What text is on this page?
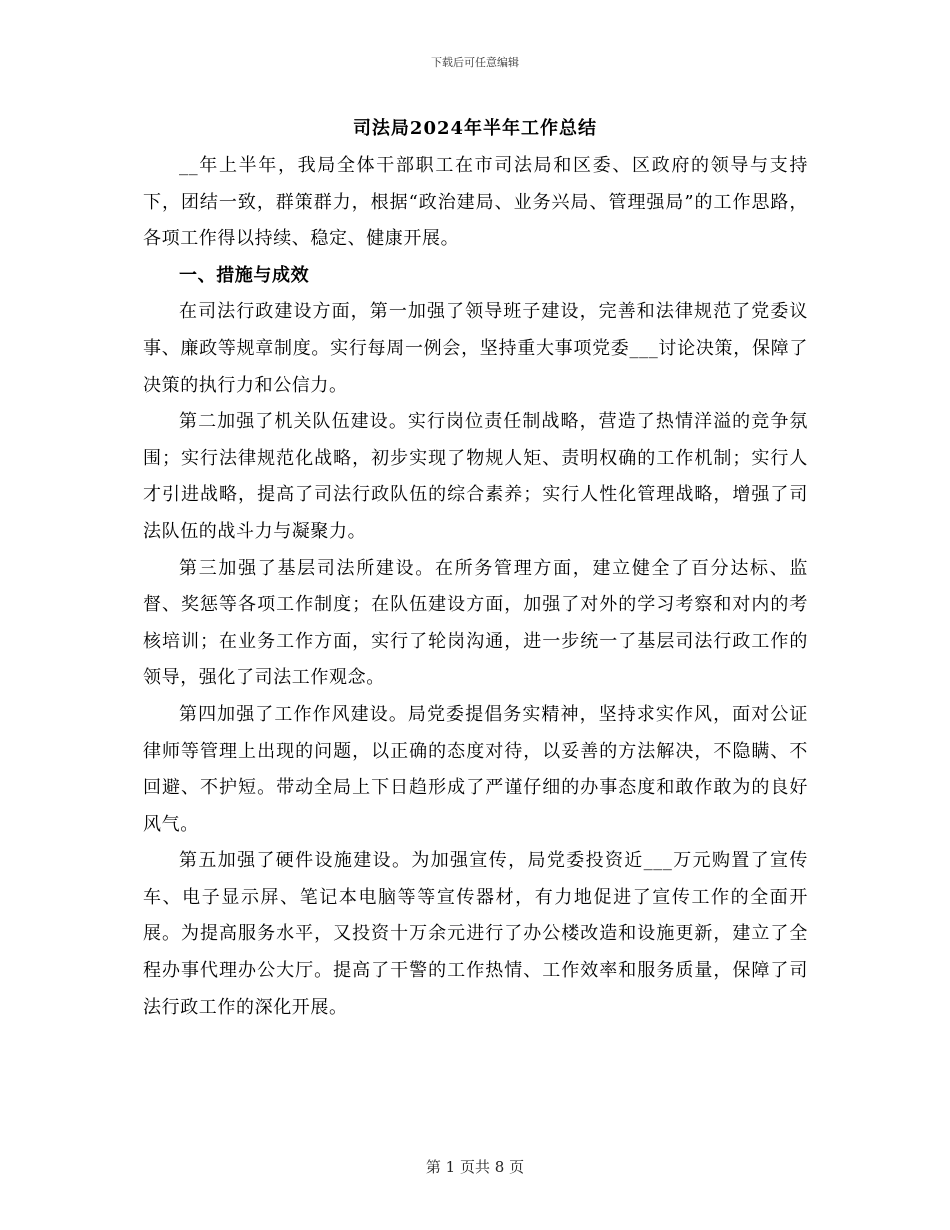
下载后可任意编辑
司法局2024年半年工作总结

__年上半年，我局全体干部职工在市司法局和区委、区政府的领导与支持下，团结一致，群策群力，根据“政治建局、业务兴局、管理强局”的工作思路，各项工作得以持续、稳定、健康开展。

一、措施与成效

在司法行政建设方面，第一加强了领导班子建设，完善和法律规范了党委议事、廉政等规章制度。实行每周一例会，坚持重大事项党委___讨论决策，保障了决策的执行力和公信力。

第二加强了机关队伍建设。实行岗位责任制战略，营造了热情洋溢的竞争氛围；实行法律规范化战略，初步实现了物规人矩、责明权确的工作机制；实行人才引进战略，提高了司法行政队伍的综合素养；实行人性化管理战略，增强了司法队伍的战斗力与凝聚力。

第三加强了基层司法所建设。在所务管理方面，建立健全了百分达标、监督、奖惩等各项工作制度；在队伍建设方面，加强了对外的学习考察和对内的考核培训；在业务工作方面，实行了轮岗沟通，进一步统一了基层司法行政工作的领导，强化了司法工作观念。

第四加强了工作作风建设。局党委提倡务实精神，坚持求实作风，面对公证律师等管理上出现的问题，以正确的态度对待，以妥善的方法解决，不隐瞒、不回避、不护短。带动全局上下日趋形成了严谨仔细的办事态度和敢作敢为的良好风气。

第五加强了硬件设施建设。为加强宣传，局党委投资近___万元购置了宣传车、电子显示屏、笔记本电脑等等宣传器材，有力地促进了宣传工作的全面开展。为提高服务水平，又投资十万余元进行了办公楼改造和设施更新，建立了全程办事代理办公大厅。提高了干警的工作热情、工作效率和服务质量，保障了司法行政工作的深化开展。

第 1 页共 8 页
